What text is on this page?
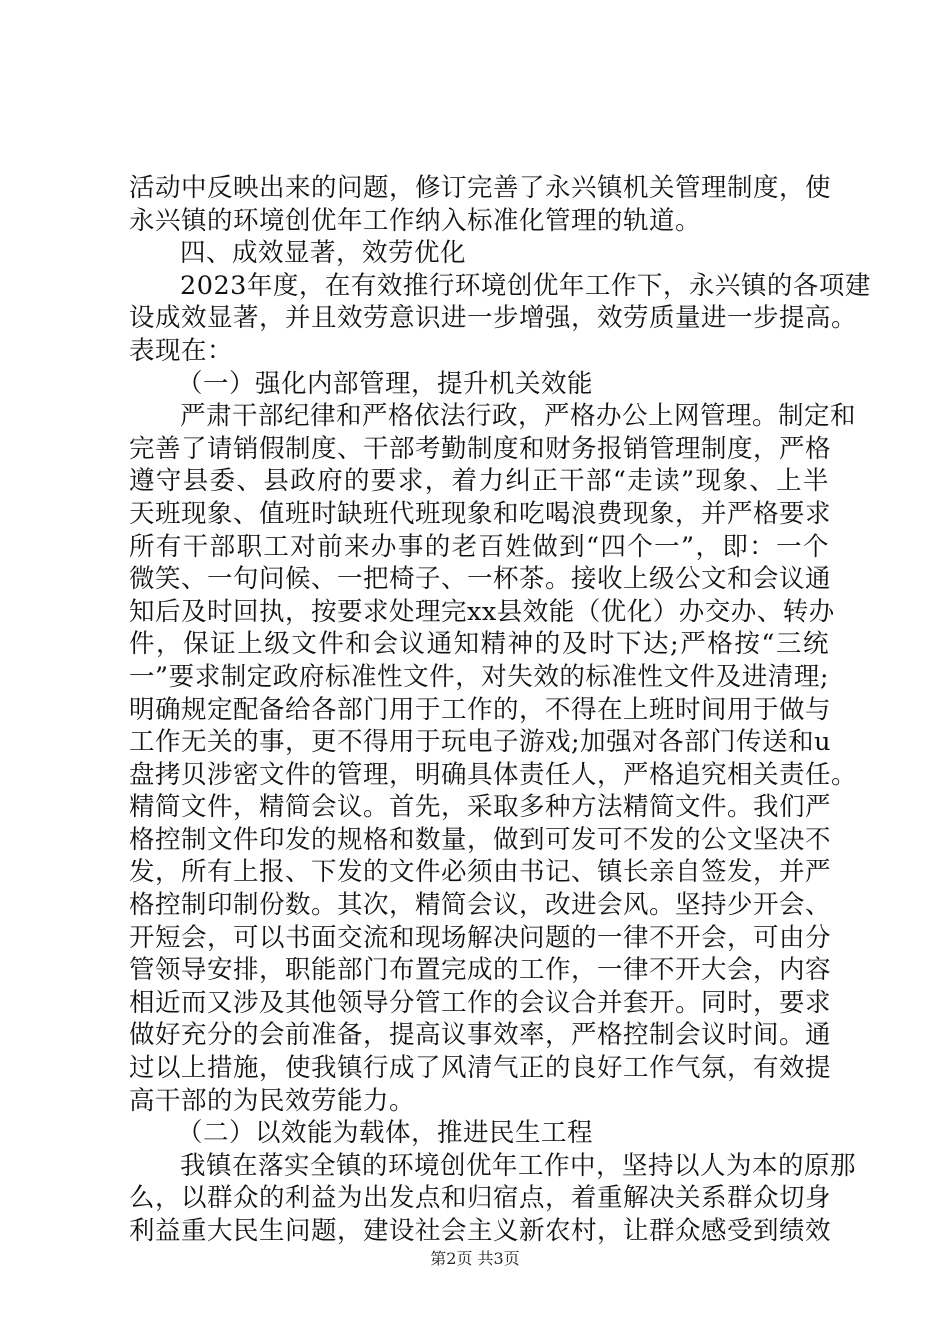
活动中反映出来的问题，修订完善了永兴镇机关管理制度，使
永兴镇的环境创优年工作纳入标准化管理的轨道。
四、成效显著，效劳优化
2023年度，在有效推行环境创优年工作下，永兴镇的各项建
设成效显著，并且效劳意识进一步增强，效劳质量进一步提高。
表现在：
（一）强化内部管理，提升机关效能
严肃干部纪律和严格依法行政，严格办公上网管理。制定和
完善了请销假制度、干部考勤制度和财务报销管理制度，严格
遵守县委、县政府的要求，着力纠正干部“走读”现象、上半
天班现象、值班时缺班代班现象和吃喝浪费现象，并严格要求
所有干部职工对前来办事的老百姓做到“四个一”，即：一个
微笑、一句问候、一把椅子、一杯茶。接收上级公文和会议通
知后及时回执，按要求处理完xx县效能（优化）办交办、转办
件，保证上级文件和会议通知精神的及时下达;严格按“三统
一”要求制定政府标准性文件，对失效的标准性文件及进清理;
明确规定配备给各部门用于工作的，不得在上班时间用于做与
工作无关的事，更不得用于玩电子游戏;加强对各部门传送和u
盘拷贝涉密文件的管理，明确具体责任人，严格追究相关责任。
精简文件，精简会议。首先，采取多种方法精简文件。我们严
格控制文件印发的规格和数量，做到可发可不发的公文坚决不
发，所有上报、下发的文件必须由书记、镇长亲自签发，并严
格控制印制份数。其次，精简会议，改进会风。坚持少开会、
开短会，可以书面交流和现场解决问题的一律不开会，可由分
管领导安排，职能部门布置完成的工作，一律不开大会，内容
相近而又涉及其他领导分管工作的会议合并套开。同时，要求
做好充分的会前准备，提高议事效率，严格控制会议时间。通
过以上措施，使我镇行成了风清气正的良好工作气氛，有效提
高干部的为民效劳能力。
（二）以效能为载体，推进民生工程
我镇在落实全镇的环境创优年工作中，坚持以人为本的原那
么，以群众的利益为出发点和归宿点，着重解决关系群众切身
利益重大民生问题，建设社会主义新农村，让群众感受到绩效
第2页 共3页
